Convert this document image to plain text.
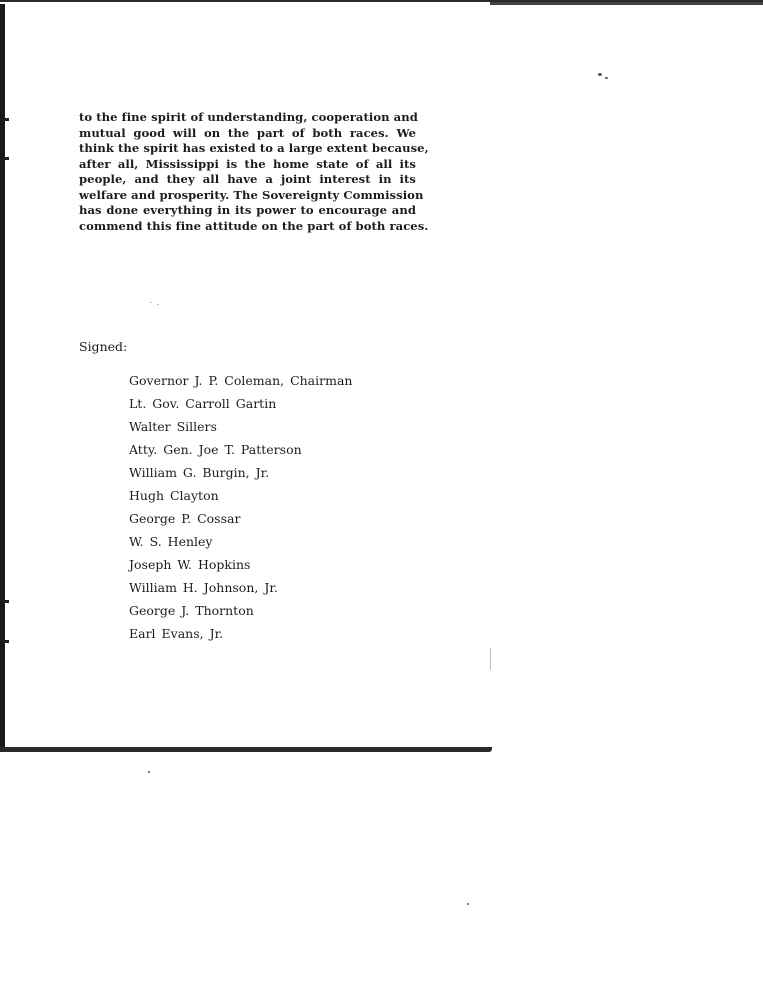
to the fine spirit of understanding, cooperation and
mutual good will on the part of both races. We
think the spirit has existed to a large extent because,
after all, Mississippi is the home state of all its
people, and they all have a joint interest in its
welfare and prosperity. The Sovereignty Commission
has done everything in its power to encourage and
commend this fine attitude on the part of both races.
Signed:
Governor J. P. Coleman, Chairman
Lt. Gov. Carroll Gartin
Walter Sillers
Atty. Gen. Joe T. Patterson
William G. Burgin, Jr.
Hugh Clayton
George P. Cossar
W. S. Henley
Joseph W. Hopkins
William H. Johnson, Jr.
George J. Thornton
Earl Evans, Jr.
